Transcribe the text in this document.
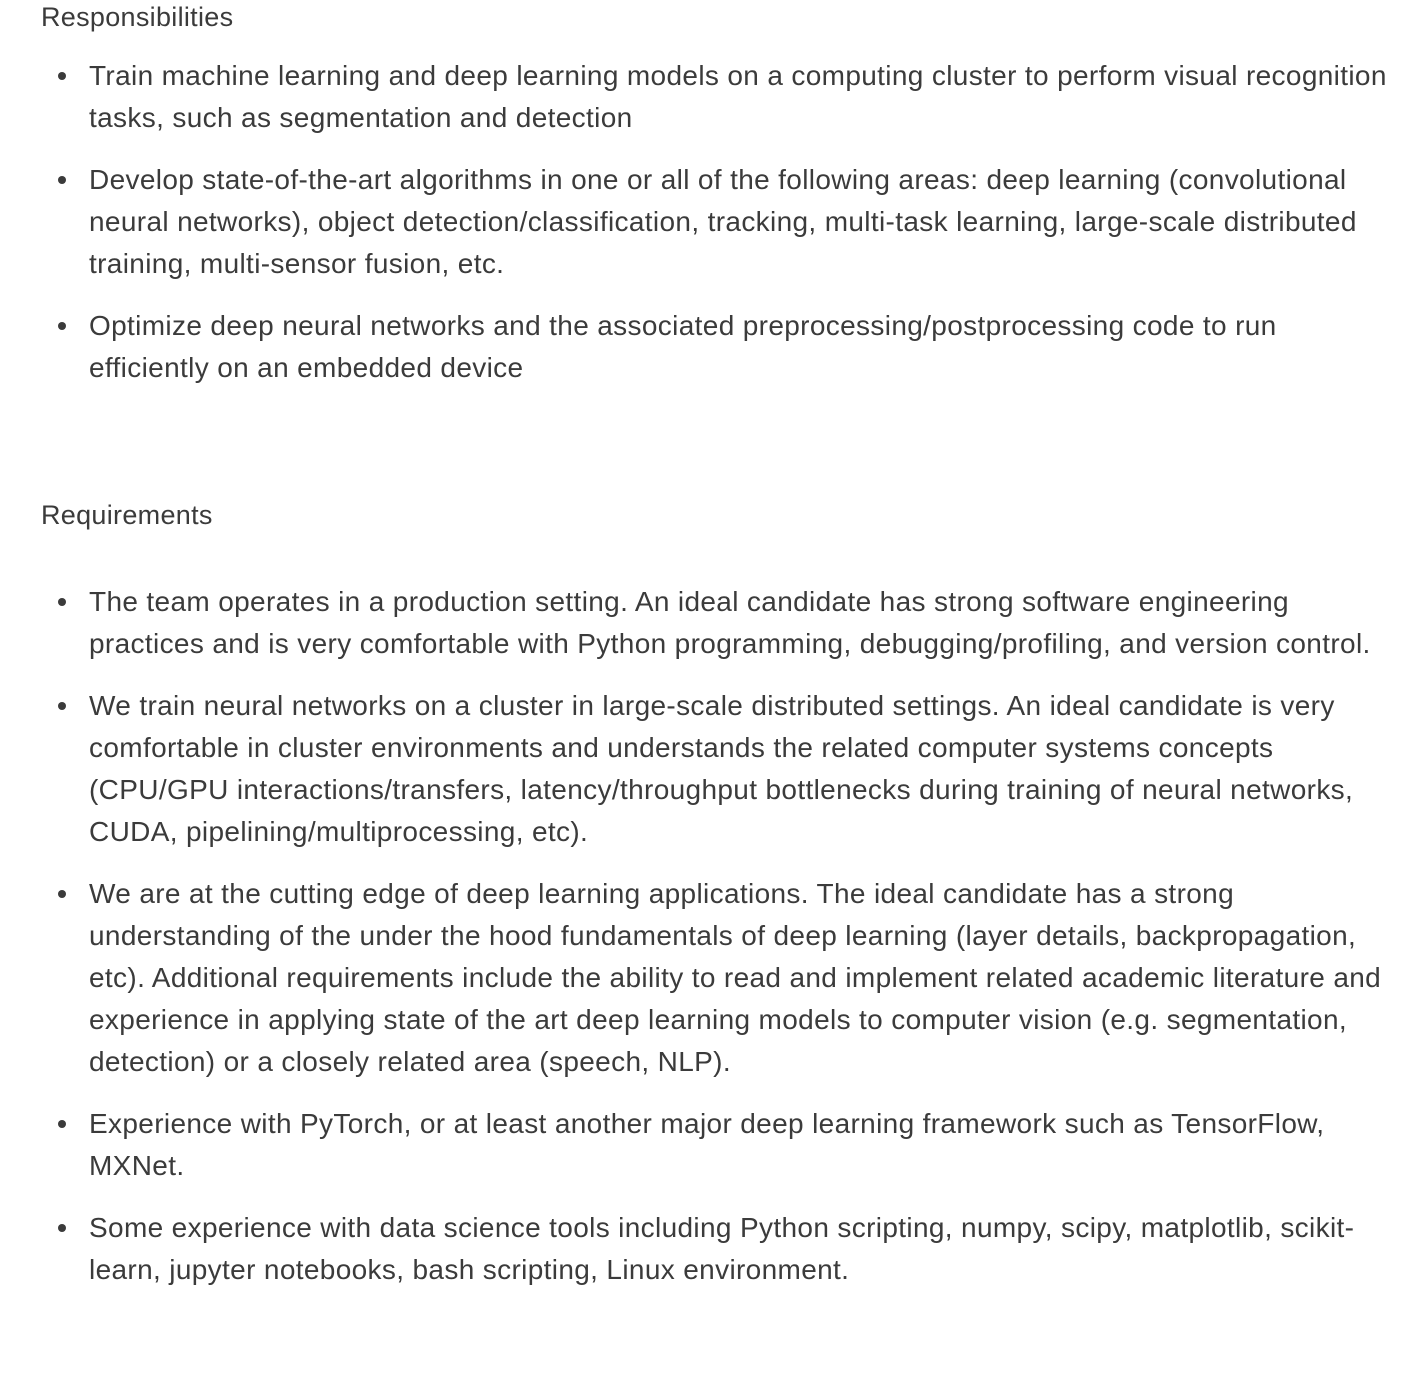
Responsibilities
Train machine learning and deep learning models on a computing cluster to perform visual recognition tasks, such as segmentation and detection
Develop state-of-the-art algorithms in one or all of the following areas: deep learning (convolutional neural networks), object detection/classification, tracking, multi-task learning, large-scale distributed training, multi-sensor fusion, etc.
Optimize deep neural networks and the associated preprocessing/postprocessing code to run efficiently on an embedded device
Requirements
The team operates in a production setting. An ideal candidate has strong software engineering practices and is very comfortable with Python programming, debugging/profiling, and version control.
We train neural networks on a cluster in large-scale distributed settings. An ideal candidate is very comfortable in cluster environments and understands the related computer systems concepts (CPU/GPU interactions/transfers, latency/throughput bottlenecks during training of neural networks, CUDA, pipelining/multiprocessing, etc).
We are at the cutting edge of deep learning applications. The ideal candidate has a strong understanding of the under the hood fundamentals of deep learning (layer details, backpropagation, etc). Additional requirements include the ability to read and implement related academic literature and experience in applying state of the art deep learning models to computer vision (e.g. segmentation, detection) or a closely related area (speech, NLP).
Experience with PyTorch, or at least another major deep learning framework such as TensorFlow, MXNet.
Some experience with data science tools including Python scripting, numpy, scipy, matplotlib, scikit-learn, jupyter notebooks, bash scripting, Linux environment.
